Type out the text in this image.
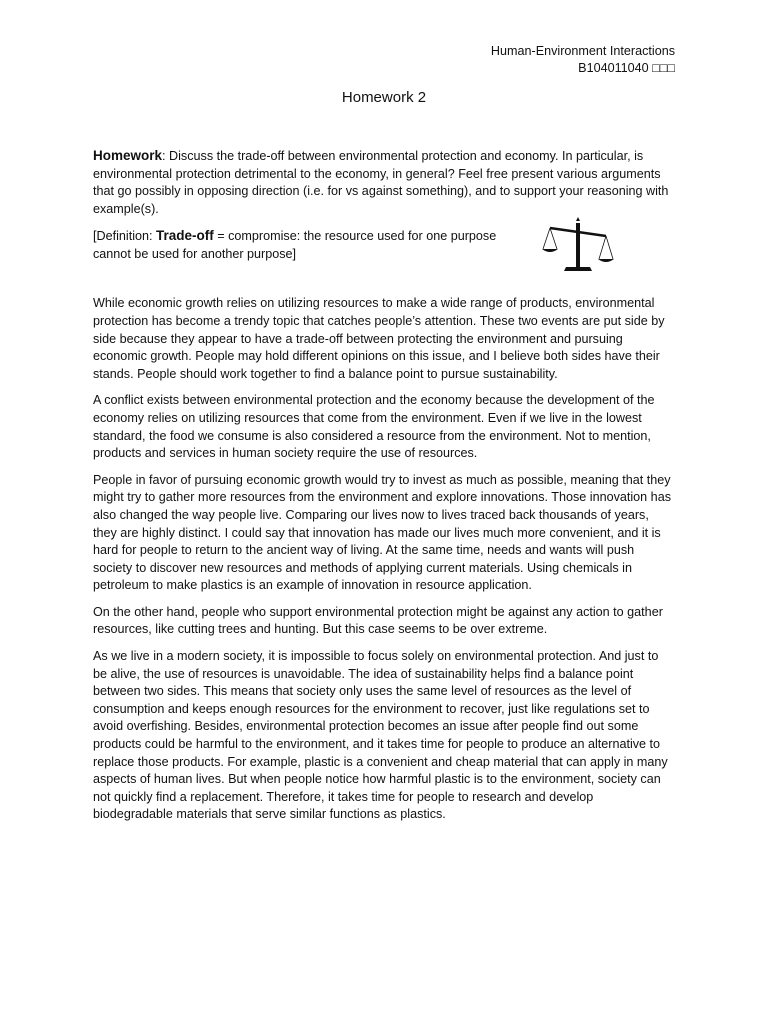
Human-Environment Interactions
B104011040 □□□
Homework 2

Homework: Discuss the trade-off between environmental protection and economy. In particular, is environmental protection detrimental to the economy, in general? Feel free present various arguments that go possibly in opposing direction (i.e. for vs against something), and to support your reasoning with example(s).

[Definition: Trade-off = compromise: the resource used for one purpose cannot be used for another purpose]

While economic growth relies on utilizing resources to make a wide range of products, environmental protection has become a trendy topic that catches people’s attention. These two events are put side by side because they appear to have a trade-off between protecting the environment and pursuing economic growth. People may hold different opinions on this issue, and I believe both sides have their stands. People should work together to find a balance point to pursue sustainability.

A conflict exists between environmental protection and the economy because the development of the economy relies on utilizing resources that come from the environment. Even if we live in the lowest standard, the food we consume is also considered a resource from the environment. Not to mention, products and services in human society require the use of resources.

People in favor of pursuing economic growth would try to invest as much as possible, meaning that they might try to gather more resources from the environment and explore innovations. Those innovation has also changed the way people live. Comparing our lives now to lives traced back thousands of years, they are highly distinct. I could say that innovation has made our lives much more convenient, and it is hard for people to return to the ancient way of living. At the same time, needs and wants will push society to discover new resources and methods of applying current materials. Using chemicals in petroleum to make plastics is an example of innovation in resource application.

On the other hand, people who support environmental protection might be against any action to gather resources, like cutting trees and hunting. But this case seems to be over extreme.

As we live in a modern society, it is impossible to focus solely on environmental protection. And just to be alive, the use of resources is unavoidable. The idea of sustainability helps find a balance point between two sides. This means that society only uses the same level of resources as the level of consumption and keeps enough resources for the environment to recover, just like regulations set to avoid overfishing. Besides, environmental protection becomes an issue after people find out some products could be harmful to the environment, and it takes time for people to produce an alternative to replace those products. For example, plastic is a convenient and cheap material that can apply in many aspects of human lives. But when people notice how harmful plastic is to the environment, society can not quickly find a replacement. Therefore, it takes time for people to research and develop biodegradable materials that serve similar functions as plastics.
